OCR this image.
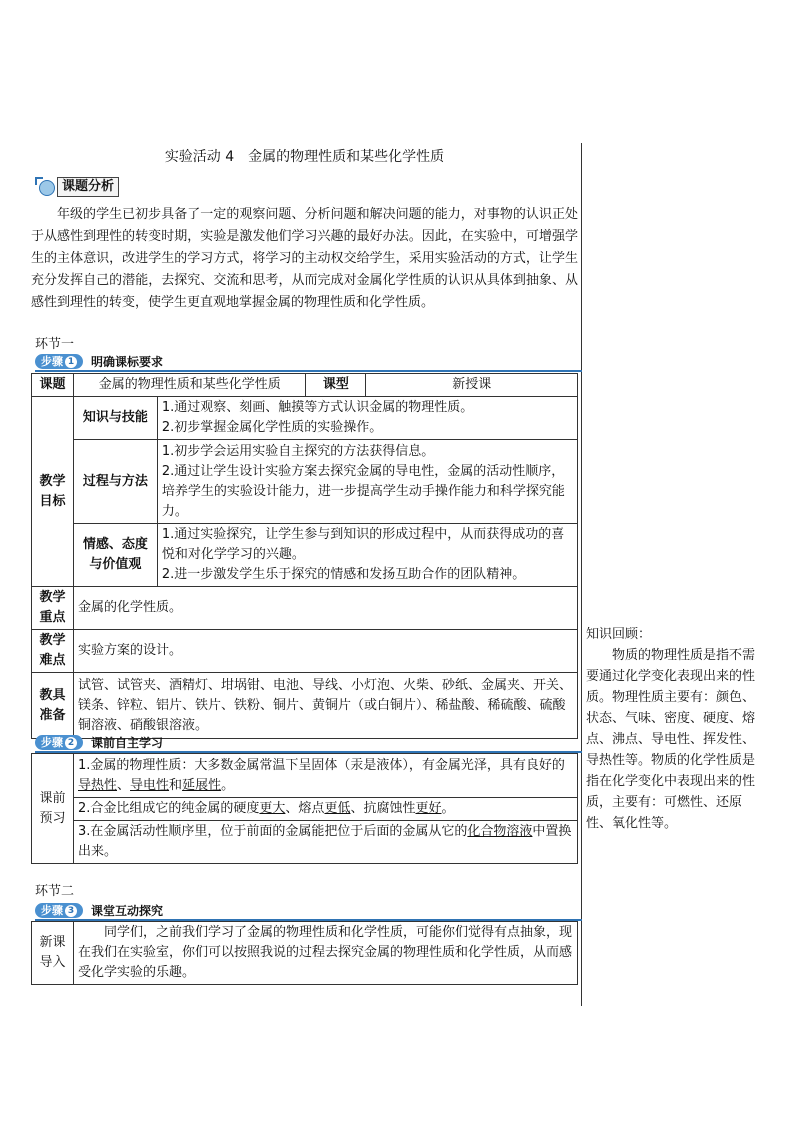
实验活动 4　金属的物理性质和某些化学性质
课题分析
年级的学生已初步具备了一定的观察问题、分析问题和解决问题的能力，对事物的认识正处于从感性到理性的转变时期，实验是激发他们学习兴趣的最好办法。因此，在实验中，可增强学生的主体意识，改进学生的学习方式，将学习的主动权交给学生，采用实验活动的方式，让学生充分发挥自己的潜能，去探究、交流和思考，从而完成对金属化学性质的认识从具体到抽象、从感性到理性的转变，使学生更直观地掌握金属的物理性质和化学性质。
环节一
步骤 1 明确课标要求
课题	金属的物理性质和某些化学性质		课型	新授课
教学目标	知识与技能	1.通过观察、刻画、触摸等方式认识金属的物理性质。
2.初步掌握金属化学性质的实验操作。		

	过程与方法	1.初步学会运用实验自主探究的方法获得信息。
2.通过让学生设计实验方案去探究金属的导电性，金属的活动性顺序，培养学生的实验设计能力，进一步提高学生动手操作能力和科学探究能力。		

	情感、态度与价值观	1.通过实验探究，让学生参与到知识的形成过程中，从而获得成功的喜悦和对化学学习的兴趣。
2.进一步激发学生乐于探究的情感和发扬互助合作的团队精神。		

教学重点	金属的化学性质。			
教学难点	实验方案的设计。			
教具准备	试管、试管夹、酒精灯、坩埚钳、电池、导线、小灯泡、火柴、砂纸、金属夹、开关、镁条、锌粒、铝片、铁片、铁粉、铜片、黄铜片（或白铜片）、稀盐酸、稀硫酸、硫酸铜溶液、硝酸银溶液。			
步骤 2 课前自主学习
课前预习	1.金属的物理性质：大多数金属常温下呈固体（汞是液体），有金属光泽，具有良好的导热性、导电性和延展性。
2.合金比组成它的纯金属的硬度更大、熔点更低、抗腐蚀性更好。
3.在金属活动性顺序里，位于前面的金属能把位于后面的金属从它的化合物溶液中置换出来。
环节二
步骤 3 课堂互动探究
新课导入	同学们，之前我们学习了金属的物理性质和化学性质，可能你们觉得有点抽象，现在我们在实验室，你们可以按照我说的过程去探究金属的物理性质和化学性质，从而感受化学实验的乐趣。
知识回顾：
物质的物理性质是指不需要通过化学变化表现出来的性质。物理性质主要有：颜色、状态、气味、密度、硬度、熔点、沸点、导电性、挥发性、导热性等。物质的化学性质是指在化学变化中表现出来的性质，主要有：可燃性、还原性、氧化性等。
